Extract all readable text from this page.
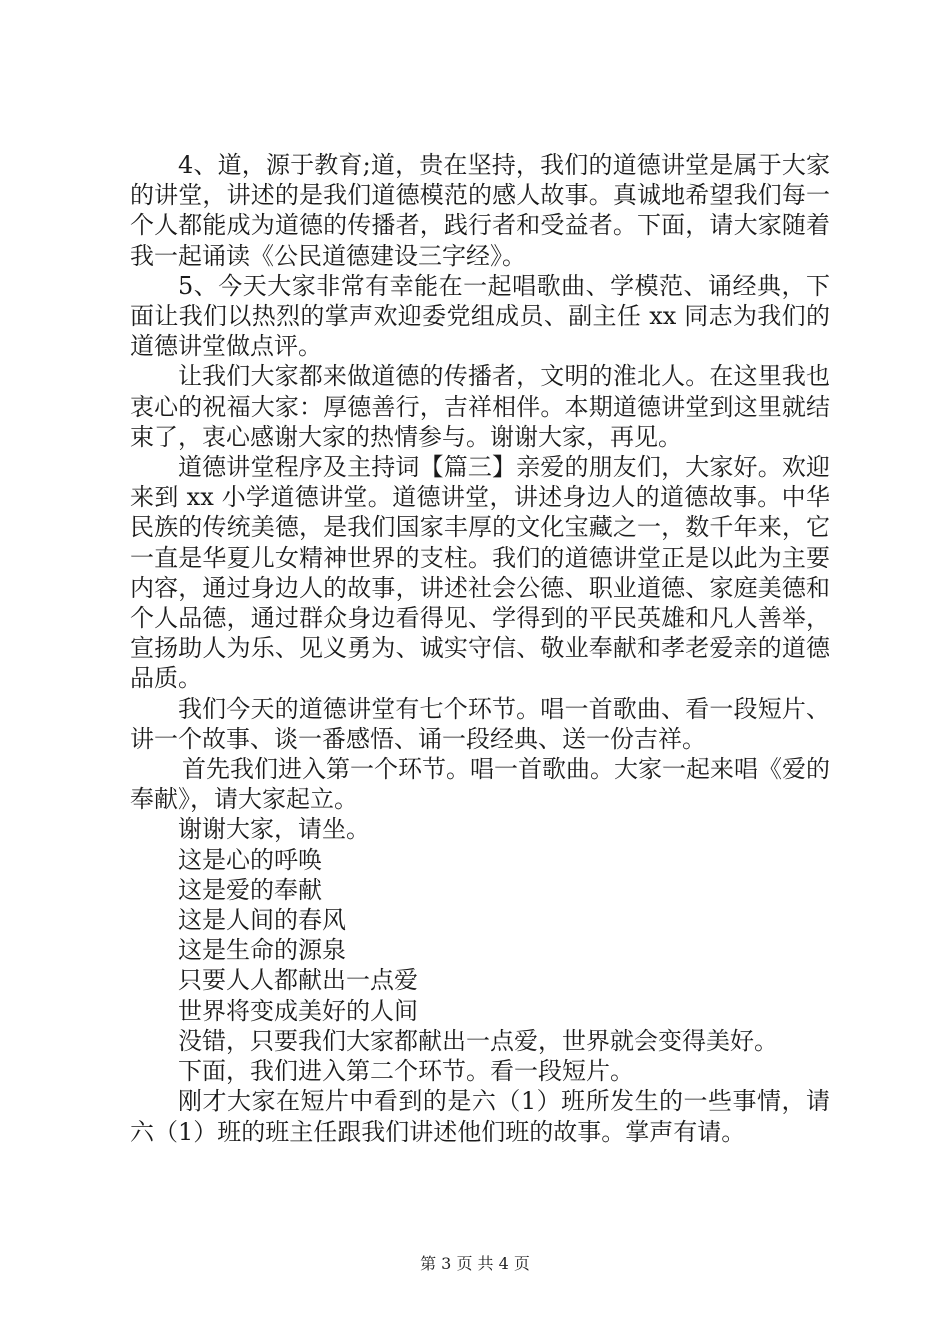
4、道，源于教育;道，贵在坚持，我们的道德讲堂是属于大家的讲堂，讲述的是我们道德模范的感人故事。真诚地希望我们每一个人都能成为道德的传播者，践行者和受益者。下面，请大家随着我一起诵读《公民道德建设三字经》。

5、今天大家非常有幸能在一起唱歌曲、学模范、诵经典，下面让我们以热烈的掌声欢迎委党组成员、副主任 xx 同志为我们的道德讲堂做点评。

让我们大家都来做道德的传播者，文明的淮北人。在这里我也衷心的祝福大家：厚德善行，吉祥相伴。本期道德讲堂到这里就结束了，衷心感谢大家的热情参与。谢谢大家，再见。

道德讲堂程序及主持词【篇三】亲爱的朋友们，大家好。欢迎来到 xx 小学道德讲堂。道德讲堂，讲述身边人的道德故事。中华民族的传统美德，是我们国家丰厚的文化宝藏之一，数千年来，它一直是华夏儿女精神世界的支柱。我们的道德讲堂正是以此为主要内容，通过身边人的故事，讲述社会公德、职业道德、家庭美德和个人品德，通过群众身边看得见、学得到的平民英雄和凡人善举，宣扬助人为乐、见义勇为、诚实守信、敬业奉献和孝老爱亲的道德品质。

我们今天的道德讲堂有七个环节。唱一首歌曲、看一段短片、讲一个故事、谈一番感悟、诵一段经典、送一份吉祥。

首先我们进入第一个环节。唱一首歌曲。大家一起来唱《爱的奉献》，请大家起立。

谢谢大家，请坐。

这是心的呼唤

这是爱的奉献

这是人间的春风

这是生命的源泉

只要人人都献出一点爱

世界将变成美好的人间

没错，只要我们大家都献出一点爱，世界就会变得美好。

下面，我们进入第二个环节。看一段短片。

刚才大家在短片中看到的是六（1）班所发生的一些事情，请六（1）班的班主任跟我们讲述他们班的故事。掌声有请。

第 3 页 共 4 页
